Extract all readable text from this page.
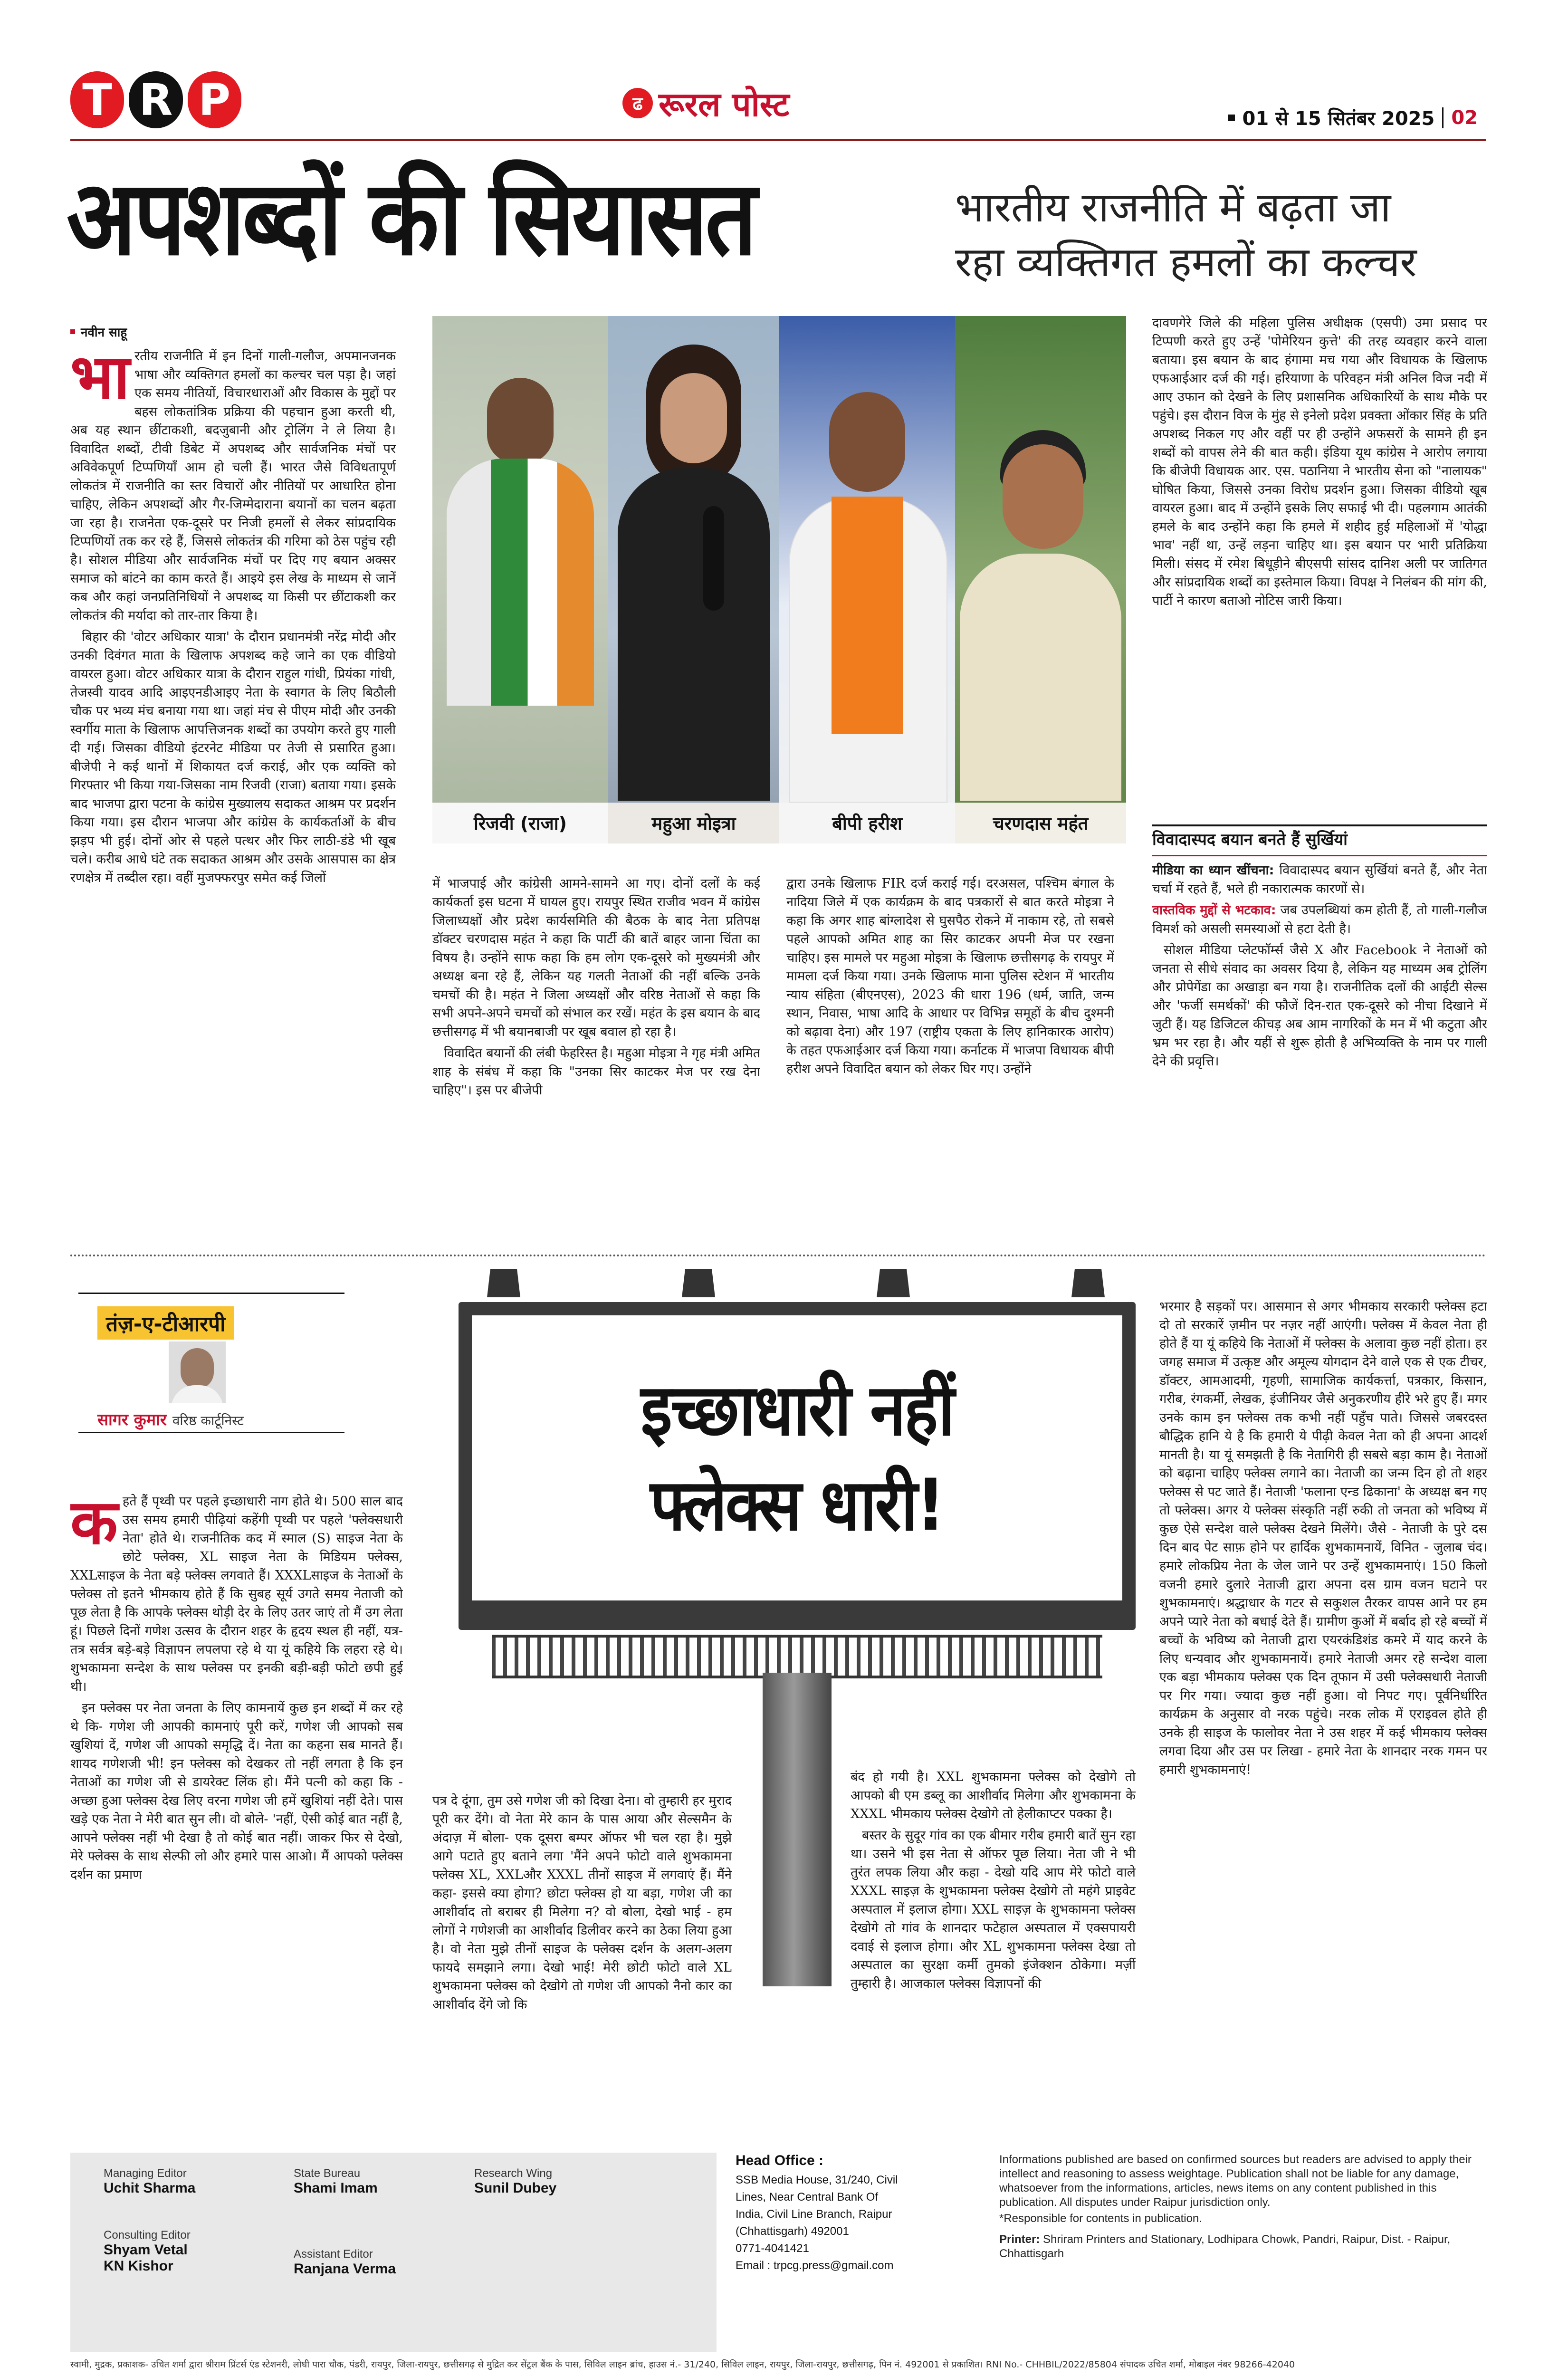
T R P	ढ रूरल पोस्ट	01 से 15 सितंबर 2025 02
अपशब्दों की सियासत	भारतीय राजनीति में बढ़ता जा
रहा व्यक्तिगत हमलों का कल्चर
नवीन साहू

भारतीय राजनीति में इन दिनों गाली-गलौज, अपमानजनक भाषा और व्यक्तिगत हमलों का कल्चर चल पड़ा है। जहां एक समय नीतियों, विचारधाराओं और विकास के मुद्दों पर बहस लोकतांत्रिक प्रक्रिया की पहचान हुआ करती थी, अब यह स्थान छींटाकशी, बदजुबानी और ट्रोलिंग ने ले लिया है। विवादित शब्दों, टीवी डिबेट में अपशब्द और सार्वजनिक मंचों पर अविवेकपूर्ण टिप्पणियाँ आम हो चली हैं। भारत जैसे विविधतापूर्ण लोकतंत्र में राजनीति का स्तर विचारों और नीतियों पर आधारित होना चाहिए, लेकिन अपशब्दों और गैर-जिम्मेदाराना बयानों का चलन बढ़ता जा रहा है। राजनेता एक-दूसरे पर निजी हमलों से लेकर सांप्रदायिक टिप्पणियों तक कर रहे हैं, जिससे लोकतंत्र की गरिमा को ठेस पहुंच रही है। सोशल मीडिया और सार्वजनिक मंचों पर दिए गए बयान अक्सर समाज को बांटने का काम करते हैं। आइये इस लेख के माध्यम से जानें कब और कहां जनप्रतिनिधियों ने अपशब्द या किसी पर छींटाकशी कर लोकतंत्र की मर्यादा को तार-तार किया है।

बिहार की 'वोटर अधिकार यात्रा' के दौरान प्रधानमंत्री नरेंद्र मोदी और उनकी दिवंगत माता के खिलाफ अपशब्द कहे जाने का एक वीडियो वायरल हुआ। वोटर अधिकार यात्रा के दौरान राहुल गांधी, प्रियंका गांधी, तेजस्वी यादव आदि आइएनडीआइए नेता के स्वागत के लिए बिठौली चौक पर भव्य मंच बनाया गया था। जहां मंच से पीएम मोदी और उनकी स्वर्गीय माता के खिलाफ आपत्तिजनक शब्दों का उपयोग करते हुए गाली दी गई। जिसका वीडियो इंटरनेट मीडिया पर तेजी से प्रसारित हुआ। बीजेपी ने कई थानों में शिकायत दर्ज कराई, और एक व्यक्ति को गिरफ्तार भी किया गया-जिसका नाम रिजवी (राजा) बताया गया। इसके बाद भाजपा द्वारा पटना के कांग्रेस मुख्यालय सदाकत आश्रम पर प्रदर्शन किया गया। इस दौरान भाजपा और कांग्रेस के कार्यकर्ताओं के बीच झड़प भी हुई। दोनों ओर से पहले पत्थर और फिर लाठी-डंडे भी खूब चले। करीब आधे घंटे तक सदाकत आश्रम और उसके आसपास का क्षेत्र रणक्षेत्र में तब्दील रहा। वहीं मुजफ्फरपुर समेत कई जिलों

रिजवी (राजा)	महुआ मोइत्रा	बीपी हरीश	चरणदास महंत

में भाजपाई और कांग्रेसी आमने-सामने आ गए। दोनों दलों के कई कार्यकर्ता इस घटना में घायल हुए। रायपुर स्थित राजीव भवन में कांग्रेस जिलाध्यक्षों और प्रदेश कार्यसमिति की बैठक के बाद नेता प्रतिपक्ष डॉक्टर चरणदास महंत ने कहा कि पार्टी की बातें बाहर जाना चिंता का विषय है। उन्होंने साफ कहा कि हम लोग एक-दूसरे को मुख्यमंत्री और अध्यक्ष बना रहे हैं, लेकिन यह गलती नेताओं की नहीं बल्कि उनके चमचों की है। महंत ने जिला अध्यक्षों और वरिष्ठ नेताओं से कहा कि सभी अपने-अपने चमचों को संभाल कर रखें। महंत के इस बयान के बाद छत्तीसगढ़ में भी बयानबाजी पर खूब बवाल हो रहा है।

विवादित बयानों की लंबी फेहरिस्त है। महुआ मोइत्रा ने गृह मंत्री अमित शाह के संबंध में कहा कि "उनका सिर काटकर मेज पर रख देना चाहिए"। इस पर बीजेपी

द्वारा उनके खिलाफ FIR दर्ज कराई गई। दरअसल, पश्चिम बंगाल के नादिया जिले में एक कार्यक्रम के बाद पत्रकारों से बात करते मोइत्रा ने कहा कि अगर शाह बांग्लादेश से घुसपैठ रोकने में नाकाम रहे, तो सबसे पहले आपको अमित शाह का सिर काटकर अपनी मेज पर रखना चाहिए। इस मामले पर महुआ मोइत्रा के खिलाफ छत्तीसगढ़ के रायपुर में मामला दर्ज किया गया। उनके खिलाफ माना पुलिस स्टेशन में भारतीय न्याय संहिता (बीएनएस), 2023 की धारा 196 (धर्म, जाति, जन्म स्थान, निवास, भाषा आदि के आधार पर विभिन्न समूहों के बीच दुश्मनी को बढ़ावा देना) और 197 (राष्ट्रीय एकता के लिए हानिकारक आरोप) के तहत एफआईआर दर्ज किया गया। कर्नाटक में भाजपा विधायक बीपी हरीश अपने विवादित बयान को लेकर घिर गए। उन्होंने

दावणगेरे जिले की महिला पुलिस अधीक्षक (एसपी) उमा प्रसाद पर टिप्पणी करते हुए उन्हें 'पोमेरियन कुत्ते' की तरह व्यवहार करने वाला बताया। इस बयान के बाद हंगामा मच गया और विधायक के खिलाफ एफआईआर दर्ज की गई। हरियाणा के परिवहन मंत्री अनिल विज नदी में आए उफान को देखने के लिए प्रशासनिक अधिकारियों के साथ मौके पर पहुंचे। इस दौरान विज के मुंह से इनेलो प्रदेश प्रवक्ता ओंकार सिंह के प्रति अपशब्द निकल गए और वहीं पर ही उन्होंने अफसरों के सामने ही इन शब्दों को वापस लेने की बात कही। इंडिया यूथ कांग्रेस ने आरोप लगाया कि बीजेपी विधायक आर. एस. पठानिया ने भारतीय सेना को "नालायक" घोषित किया, जिससे उनका विरोध प्रदर्शन हुआ। जिसका वीडियो खूब वायरल हुआ। बाद में उन्होंने इसके लिए सफाई भी दी। पहलगाम आतंकी हमले के बाद उन्होंने कहा कि हमले में शहीद हुई महिलाओं में 'योद्धा भाव' नहीं था, उन्हें लड़ना चाहिए था। इस बयान पर भारी प्रतिक्रिया मिली। संसद में रमेश बिधूड़ीने बीएसपी सांसद दानिश अली पर जातिगत और सांप्रदायिक शब्दों का इस्तेमाल किया। विपक्ष ने निलंबन की मांग की, पार्टी ने कारण बताओ नोटिस जारी किया।

विवादास्पद बयान बनते हैं सुर्खियां

मीडिया का ध्यान खींचना: विवादास्पद बयान सुर्खियां बनते हैं, और नेता चर्चा में रहते हैं, भले ही नकारात्मक कारणों से।

वास्तविक मुद्दों से भटकाव: जब उपलब्धियां कम होती हैं, तो गाली-गलौज विमर्श को असली समस्याओं से हटा देती है।

सोशल मीडिया प्लेटफॉर्म्स जैसे X और Facebook ने नेताओं को जनता से सीधे संवाद का अवसर दिया है, लेकिन यह माध्यम अब ट्रोलिंग और प्रोपेगेंडा का अखाड़ा बन गया है। राजनीतिक दलों की आईटी सेल्स और 'फर्जी समर्थकों' की फौजें दिन-रात एक-दूसरे को नीचा दिखाने में जुटी हैं। यह डिजिटल कीचड़ अब आम नागरिकों के मन में भी कटुता और भ्रम भर रहा है। और यहीं से शुरू होती है अभिव्यक्ति के नाम पर गाली देने की प्रवृत्ति।

तंज़-ए-टीआरपी
सागर कुमार वरिष्ठ कार्टूनिस्ट	इच्छाधारी नहीं
फ्लेक्स धारी!

कहते हैं पृथ्वी पर पहले इच्छाधारी नाग होते थे। 500 साल बाद उस समय हमारी पीढ़ियां कहेंगी पृथ्वी पर पहले 'फ्लेक्सधारी नेता' होते थे। राजनीतिक कद में स्माल (S) साइज नेता के छोटे फ्लेक्स, XL साइज नेता के मिडियम फ्लेक्स, XXLसाइज के नेता बड़े फ्लेक्स लगवाते हैं। XXXLसाइज के नेताओं के फ्लेक्स तो इतने भीमकाय होते हैं कि सुबह सूर्य उगते समय नेताजी को पूछ लेता है कि आपके फ्लेक्स थोड़ी देर के लिए उतर जाएं तो मैं उग लेता हूं। पिछले दिनों गणेश उत्सव के दौरान शहर के हृदय स्थल ही नहीं, यत्र-तत्र सर्वत्र बड़े-बड़े विज्ञापन लपलपा रहे थे या यूं कहिये कि लहरा रहे थे। शुभकामना सन्देश के साथ फ्लेक्स पर इनकी बड़ी-बड़ी फोटो छपी हुई थी।

इन फ्लेक्स पर नेता जनता के लिए कामनायें कुछ इन शब्दों में कर रहे थे कि- गणेश जी आपकी कामनाएं पूरी करें, गणेश जी आपको सब खुशियां दें, गणेश जी आपको समृद्धि दें। नेता का कहना सब मानते हैं। शायद गणेशजी भी! इन फ्लेक्स को देखकर तो नहीं लगता है कि इन नेताओं का गणेश जी से डायरेक्ट लिंक हो। मैंने पत्नी को कहा कि - अच्छा हुआ फ्लेक्स देख लिए वरना गणेश जी हमें खुशियां नहीं देते। पास खड़े एक नेता ने मेरी बात सुन ली। वो बोले- 'नहीं, ऐसी कोई बात नहीं है, आपने फ्लेक्स नहीं भी देखा है तो कोई बात नहीं। जाकर फिर से देखो, मेरे फ्लेक्स के साथ सेल्फी लो और हमारे पास आओ। मैं आपको फ्लेक्स दर्शन का प्रमाण

पत्र दे दूंगा, तुम उसे गणेश जी को दिखा देना। वो तुम्हारी हर मुराद पूरी कर देंगे। वो नेता मेरे कान के पास आया और सेल्समैन के अंदाज़ में बोला- एक दूसरा बम्पर ऑफर भी चल रहा है। मुझे आगे पटाते हुए बताने लगा 'मैंने अपने फोटो वाले शुभकामना फ्लेक्स XL, XXLऔर XXXL तीनों साइज में लगवाएं हैं। मैंने कहा- इससे क्या होगा? छोटा फ्लेक्स हो या बड़ा, गणेश जी का आशीर्वाद तो बराबर ही मिलेगा न? वो बोला, देखो भाई - हम लोगों ने गणेशजी का आशीर्वाद डिलीवर करने का ठेका लिया हुआ है। वो नेता मुझे तीनों साइज के फ्लेक्स दर्शन के अलग-अलग फायदे समझाने लगा। देखो भाई! मेरी छोटी फोटो वाले XL शुभकामना फ्लेक्स को देखोगे तो गणेश जी आपको नैनो कार का आशीर्वाद देंगे जो कि

बंद हो गयी है। XXL शुभकामना फ्लेक्स को देखोगे तो आपको बी एम डब्लू का आशीर्वाद मिलेगा और शुभकामना के XXXL भीमकाय फ्लेक्स देखोगे तो हेलीकाप्टर पक्का है।

बस्तर के सुदूर गांव का एक बीमार गरीब हमारी बातें सुन रहा था। उसने भी इस नेता से ऑफर पूछ लिया। नेता जी ने भी तुरंत लपक लिया और कहा - देखो यदि आप मेरे फोटो वाले XXXL साइज़ के शुभकामना फ्लेक्स देखोगे तो महंगे प्राइवेट अस्पताल में इलाज होगा। XXL साइज़ के शुभकामना फ्लेक्स देखोगे तो गांव के शानदार फटेहाल अस्पताल में एक्सपायरी दवाई से इलाज होगा। और XL शुभकामना फ्लेक्स देखा तो अस्पताल का सुरक्षा कर्मी तुमको इंजेक्शन ठोकेगा। मर्ज़ी तुम्हारी है। आजकाल फ्लेक्स विज्ञापनों की

भरमार है सड़कों पर। आसमान से अगर भीमकाय सरकारी फ्लेक्स हटा दो तो सरकारें ज़मीन पर नज़र नहीं आएंगी। फ्लेक्स में केवल नेता ही होते हैं या यूं कहिये कि नेताओं में फ्लेक्स के अलावा कुछ नहीं होता। हर जगह समाज में उत्कृष्ट और अमूल्य योगदान देने वाले एक से एक टीचर, डॉक्टर, आमआदमी, गृहणी, सामाजिक कार्यकर्त्ता, पत्रकार, किसान, गरीब, रंगकर्मी, लेखक, इंजीनियर जैसे अनुकरणीय हीरे भरे हुए हैं। मगर उनके काम इन फ्लेक्स तक कभी नहीं पहुँच पाते। जिससे जबरदस्त बौद्धिक हानि ये है कि हमारी ये पीढ़ी केवल नेता को ही अपना आदर्श मानती है। या यूं समझती है कि नेतागिरी ही सबसे बड़ा काम है। नेताओं को बढ़ाना चाहिए फ्लेक्स लगाने का। नेताजी का जन्म दिन हो तो शहर फ्लेक्स से पट जाते हैं। नेताजी 'फलाना एन्ड ढिकाना' के अध्यक्ष बन गए तो फ्लेक्स। अगर ये फ्लेक्स संस्कृति नहीं रुकी तो जनता को भविष्य में कुछ ऐसे सन्देश वाले फ्लेक्स देखने मिलेंगे। जैसे - नेताजी के पुरे दस दिन बाद पेट साफ़ होने पर हार्दिक शुभकामनायें, विनित - जुलाब चंद। हमारे लोकप्रिय नेता के जेल जाने पर उन्हें शुभकामनाएं। 150 किलो वजनी हमारे दुलारे नेताजी द्वारा अपना दस ग्राम वजन घटाने पर शुभकामनाएं। श्रद्धाधार के गटर से सकुशल तैरकर वापस आने पर हम अपने प्यारे नेता को बधाई देते हैं। ग्रामीण कुओं में बर्बाद हो रहे बच्चों में बच्चों के भविष्य को नेताजी द्वारा एयरकंडिशंड कमरे में याद करने के लिए धन्यवाद और शुभकामनायें। हमारे नेताजी अमर रहे सन्देश वाला एक बड़ा भीमकाय फ्लेक्स एक दिन तूफान में उसी फ्लेक्सधारी नेताजी पर गिर गया। ज्यादा कुछ नहीं हुआ। वो निपट गए। पूर्वनिर्धारित कार्यक्रम के अनुसार वो नरक पहुंचे। नरक लोक में एराइवल होते ही उनके ही साइज के फालोवर नेता ने उस शहर में कई भीमकाय फ्लेक्स लगवा दिया और उस पर लिखा - हमारे नेता के शानदार नरक गमन पर हमारी शुभकामनाएं!

Managing Editor
Uchit Sharma
Consulting Editor
Shyam Vetal
KN Kishor
State Bureau
Shami Imam
Assistant Editor
Ranjana Verma
Research Wing
Sunil Dubey
Head Office :
SSB Media House, 31/240, Civil
Lines, Near Central Bank Of
India, Civil Line Branch, Raipur
(Chhattisgarh) 492001
0771-4041421
Email : trpcg.press@gmail.com
Informations published are based on confirmed sources but readers are advised to apply their intellect and reasoning to assess weightage. Publication shall not be liable for any damage, whatsoever from the informations, articles, news items on any content published in this publication. All disputes under Raipur jurisdiction only.
*Responsible for contents in publication.
Printer: Shriram Printers and Stationary, Lodhipara Chowk, Pandri, Raipur, Dist. - Raipur, Chhattisgarh
स्वामी, मुद्रक, प्रकाशक- उचित शर्मा द्वारा श्रीराम प्रिंटर्स एंड स्टेशनरी, लोधी पारा चौक, पंडरी, रायपुर, जिला-रायपुर, छत्तीसगढ़ से मुद्रित कर सेंट्रल बैंक के पास, सिविल लाइन ब्रांच, हाउस नं.- 31/240, सिविल लाइन, रायपुर, जिला-रायपुर, छत्तीसगढ़, पिन नं. 492001 से प्रकाशित। RNI No.- CHHBIL/2022/85804 संपादक उचित शर्मा, मोबाइल नंबर 98266-42040
